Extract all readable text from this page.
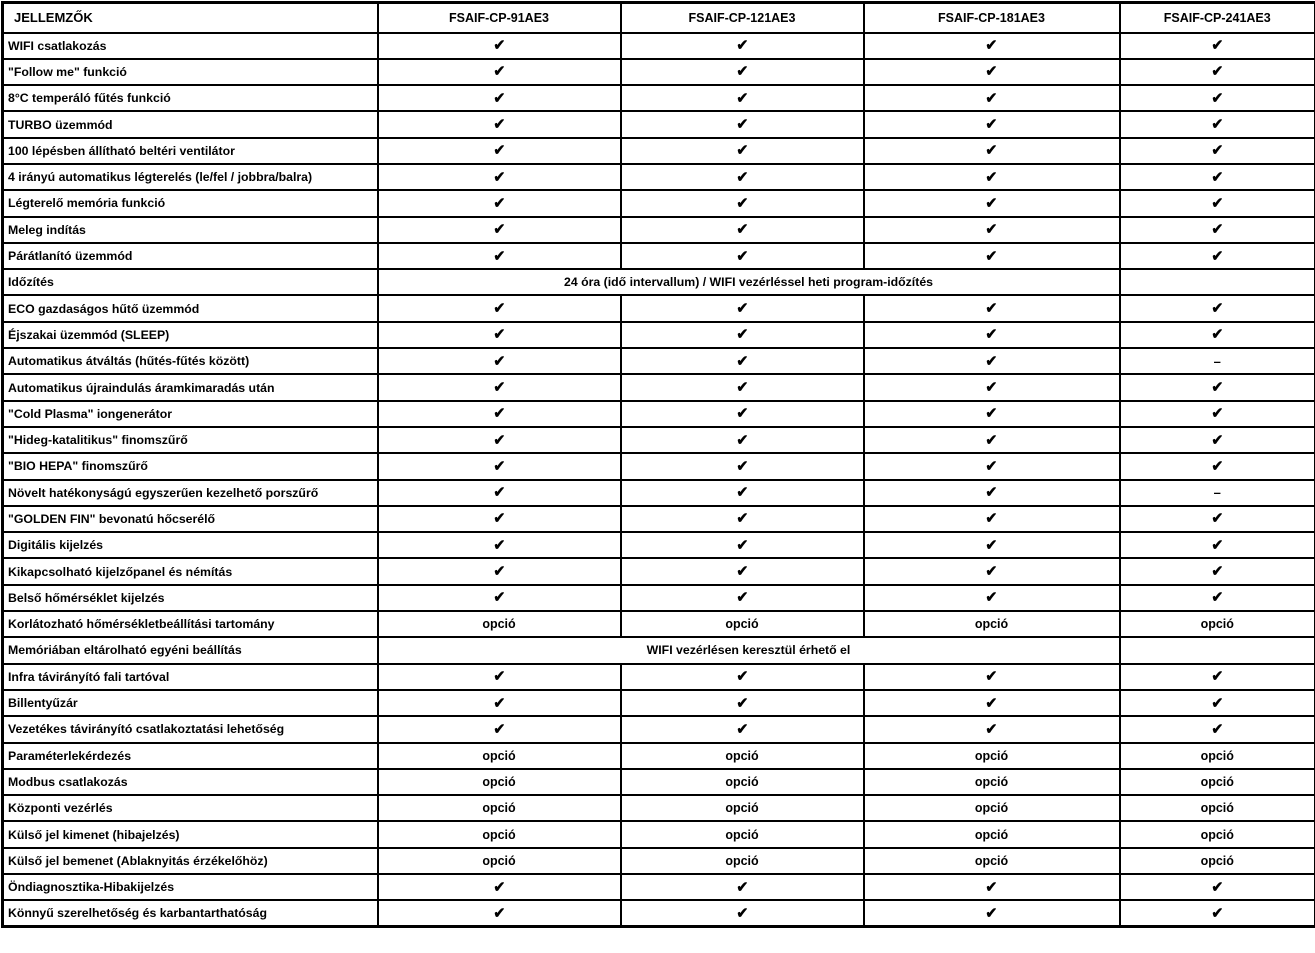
JELLEMZŐK	FSAIF-CP-91AE3	FSAIF-CP-121AE3	FSAIF-CP-181AE3	FSAIF-CP-241AE3
WIFI csatlakozás	✔	✔	✔	✔
"Follow me" funkció	✔	✔	✔	✔
8°C temperáló fűtés funkció	✔	✔	✔	✔
TURBO üzemmód	✔	✔	✔	✔
100 lépésben állítható beltéri ventilátor	✔	✔	✔	✔
4 irányú automatikus légterelés (le/fel / jobbra/balra)	✔	✔	✔	✔
Légterelő memória funkció	✔	✔	✔	✔
Meleg indítás	✔	✔	✔	✔
Párátlanító üzemmód	✔	✔	✔	✔
Időzítés	24 óra (idő intervallum) / WIFI vezérléssel heti program-időzítés			
ECO gazdaságos hűtő üzemmód	✔	✔	✔	✔
Éjszakai üzemmód (SLEEP)	✔	✔	✔	✔
Automatikus átváltás (hűtés-fűtés között)	✔	✔	✔	–
Automatikus újraindulás áramkimaradás után	✔	✔	✔	✔
"Cold Plasma" iongenerátor	✔	✔	✔	✔
"Hideg-katalitikus" finomszűrő	✔	✔	✔	✔
"BIO HEPA" finomszűrő	✔	✔	✔	✔
Növelt hatékonyságú egyszerűen kezelhető porszűrő	✔	✔	✔	–
"GOLDEN FIN" bevonatú hőcserélő	✔	✔	✔	✔
Digitális kijelzés	✔	✔	✔	✔
Kikapcsolható kijelzőpanel és némítás	✔	✔	✔	✔
Belső hőmérséklet kijelzés	✔	✔	✔	✔
Korlátozható hőmérsékletbeállítási tartomány	opció	opció	opció	opció
Memóriában eltárolható egyéni beállítás	WIFI vezérlésen keresztül érhető el			
Infra távirányító fali tartóval	✔	✔	✔	✔
Billentyűzár	✔	✔	✔	✔
Vezetékes távirányító csatlakoztatási lehetőség	✔	✔	✔	✔
Paraméterlekérdezés	opció	opció	opció	opció
Modbus csatlakozás	opció	opció	opció	opció
Központi vezérlés	opció	opció	opció	opció
Külső jel kimenet (hibajelzés)	opció	opció	opció	opció
Külső jel bemenet (Ablaknyitás érzékelőhöz)	opció	opció	opció	opció
Öndiagnosztika-Hibakijelzés	✔	✔	✔	✔
Könnyű szerelhetőség és karbantarthatóság	✔	✔	✔	✔
